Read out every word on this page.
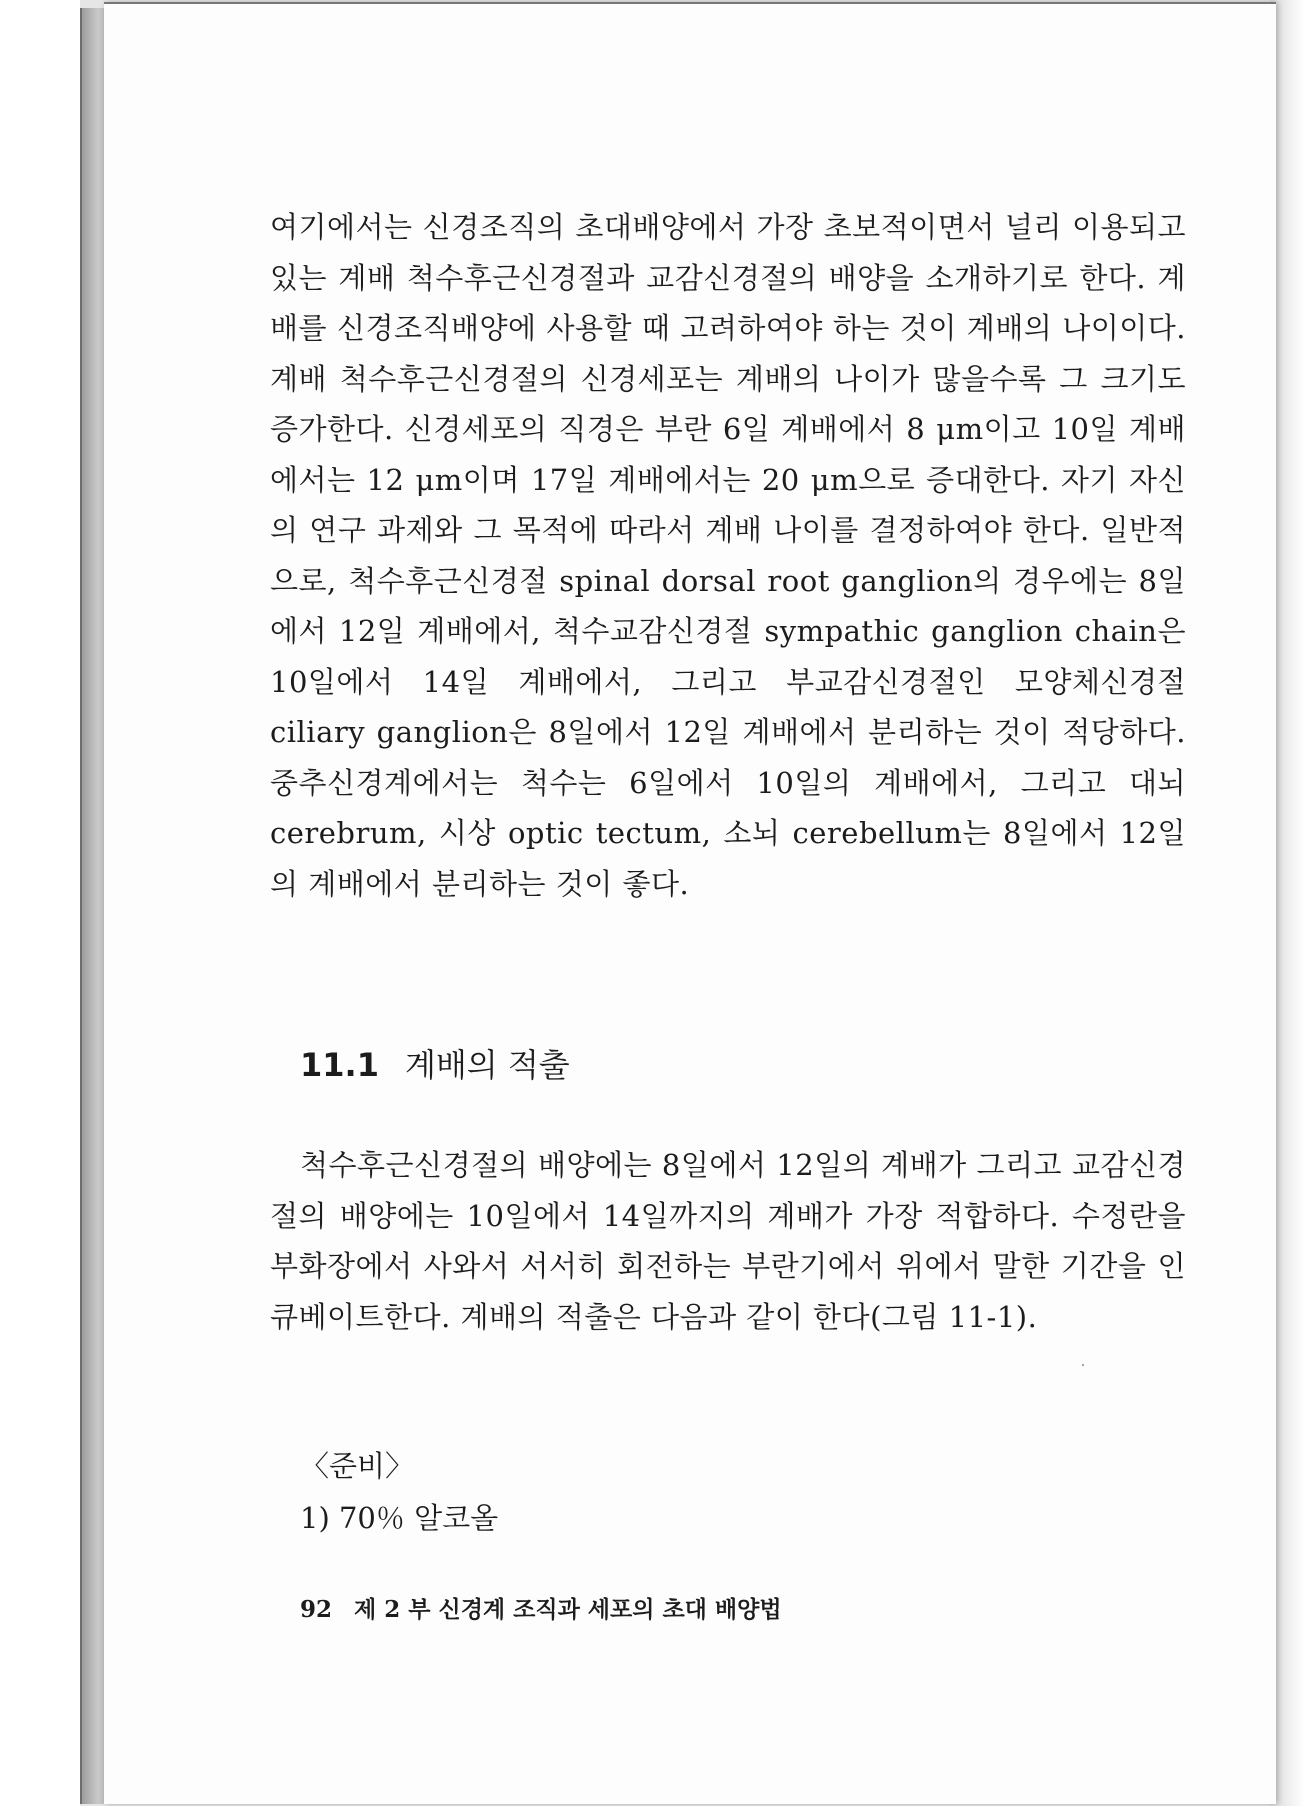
여기에서는 신경조직의 초대배양에서 가장 초보적이면서 널리 이용되고 있는 계배 척수후근신경절과 교감신경절의 배양을 소개하기로 한다. 계배를 신경조직배양에 사용할 때 고려하여야 하는 것이 계배의 나이이다. 계배 척수후근신경절의 신경세포는 계배의 나이가 많을수록 그 크기도 증가한다. 신경세포의 직경은 부란 6일 계배에서 8 μm이고 10일 계배에서는 12 μm이며 17일 계배에서는 20 μm으로 증대한다. 자기 자신의 연구 과제와 그 목적에 따라서 계배 나이를 결정하여야 한다. 일반적으로, 척수후근신경절 spinal dorsal root ganglion의 경우에는 8일에서 12일 계배에서, 척수교감신경절 sympathic ganglion chain은 10일에서 14일 계배에서, 그리고 부교감신경절인 모양체신경절 ciliary ganglion은 8일에서 12일 계배에서 분리하는 것이 적당하다. 중추신경계에서는 척수는 6일에서 10일의 계배에서, 그리고 대뇌 cerebrum, 시상 optic tectum, 소뇌 cerebellum는 8일에서 12일의 계배에서 분리하는 것이 좋다.

11.1 계배의 적출

척수후근신경절의 배양에는 8일에서 12일의 계배가 그리고 교감신경절의 배양에는 10일에서 14일까지의 계배가 가장 적합하다. 수정란을 부화장에서 사와서 서서히 회전하는 부란기에서 위에서 말한 기간을 인큐베이트한다. 계배의 적출은 다음과 같이 한다(그림 11-1).

〈준비〉
1) 70％ 알코올
92 제 2 부 신경계 조직과 세포의 초대 배양법
